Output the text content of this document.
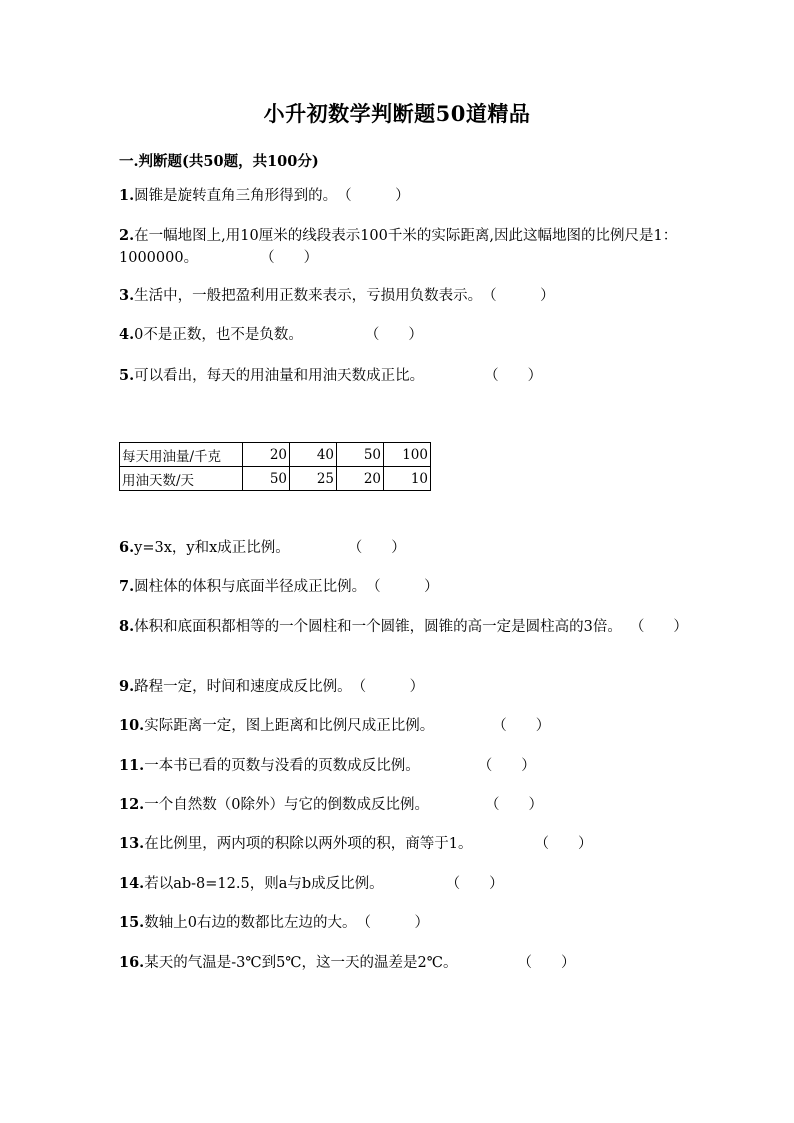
小升初数学判断题50道精品
一.判断题(共50题，共100分)
1.圆锥是旋转直角三角形得到的。（　　　）
2.在一幅地图上,用10厘米的线段表示100千米的实际距离,因此这幅地图的比例尺是1：1000000。	（　　）
3.生活中，一般把盈利用正数来表示，亏损用负数表示。（　　　）
4.0不是正数，也不是负数。	（　　）
5.可以看出，每天的用油量和用油天数成正比。	（　　）
每天用油量/千克	20	40	50	100
用油天数/天	50	25	20	10
6.y=3x，y和x成正比例。	（　　）
7.圆柱体的体积与底面半径成正比例。（　　　）
8.体积和底面积都相等的一个圆柱和一个圆锥，圆锥的高一定是圆柱高的3倍。 （　　）
9.路程一定，时间和速度成反比例。（　　　）
10.实际距离一定，图上距离和比例尺成正比例。	（　　）
11.一本书已看的页数与没看的页数成反比例。	（　　）
12.一个自然数（0除外）与它的倒数成反比例。	（　　）
13.在比例里，两内项的积除以两外项的积，商等于1。	（　　）
14.若以ab-8=12.5，则a与b成反比例。	（　　）
15.数轴上0右边的数都比左边的大。（　　　）
16.某天的气温是-3℃到5℃，这一天的温差是2℃。	（　　）
